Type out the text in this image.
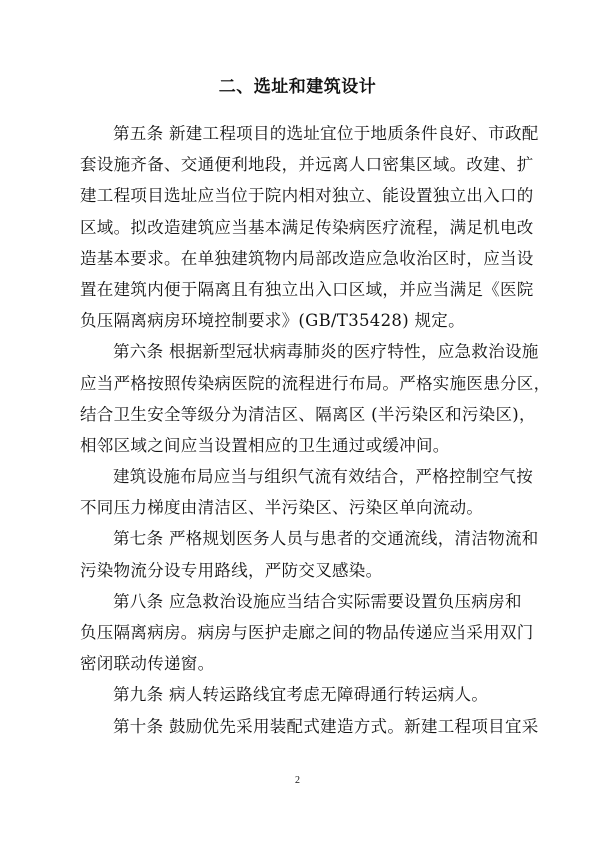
二、选址和建筑设计
第五条 新建工程项目的选址宜位于地质条件良好、市政配
套设施齐备、交通便利地段，并远离人口密集区域。改建、扩
建工程项目选址应当位于院内相对独立、能设置独立出入口的
区域。拟改造建筑应当基本满足传染病医疗流程，满足机电改
造基本要求。在单独建筑物内局部改造应急收治区时，应当设
置在建筑内便于隔离且有独立出入口区域，并应当满足《医院
负压隔离病房环境控制要求》(GB/T35428) 规定。
第六条 根据新型冠状病毒肺炎的医疗特性，应急救治设施
应当严格按照传染病医院的流程进行布局。严格实施医患分区，
结合卫生安全等级分为清洁区、隔离区 (半污染区和污染区)，
相邻区域之间应当设置相应的卫生通过或缓冲间。
建筑设施布局应当与组织气流有效结合，严格控制空气按
不同压力梯度由清洁区、半污染区、污染区单向流动。
第七条 严格规划医务人员与患者的交通流线，清洁物流和
污染物流分设专用路线，严防交叉感染。
第八条 应急救治设施应当结合实际需要设置负压病房和
负压隔离病房。病房与医护走廊之间的物品传递应当采用双门
密闭联动传递窗。
第九条 病人转运路线宜考虑无障碍通行转运病人。
第十条 鼓励优先采用装配式建造方式。新建工程项目宜采
2
